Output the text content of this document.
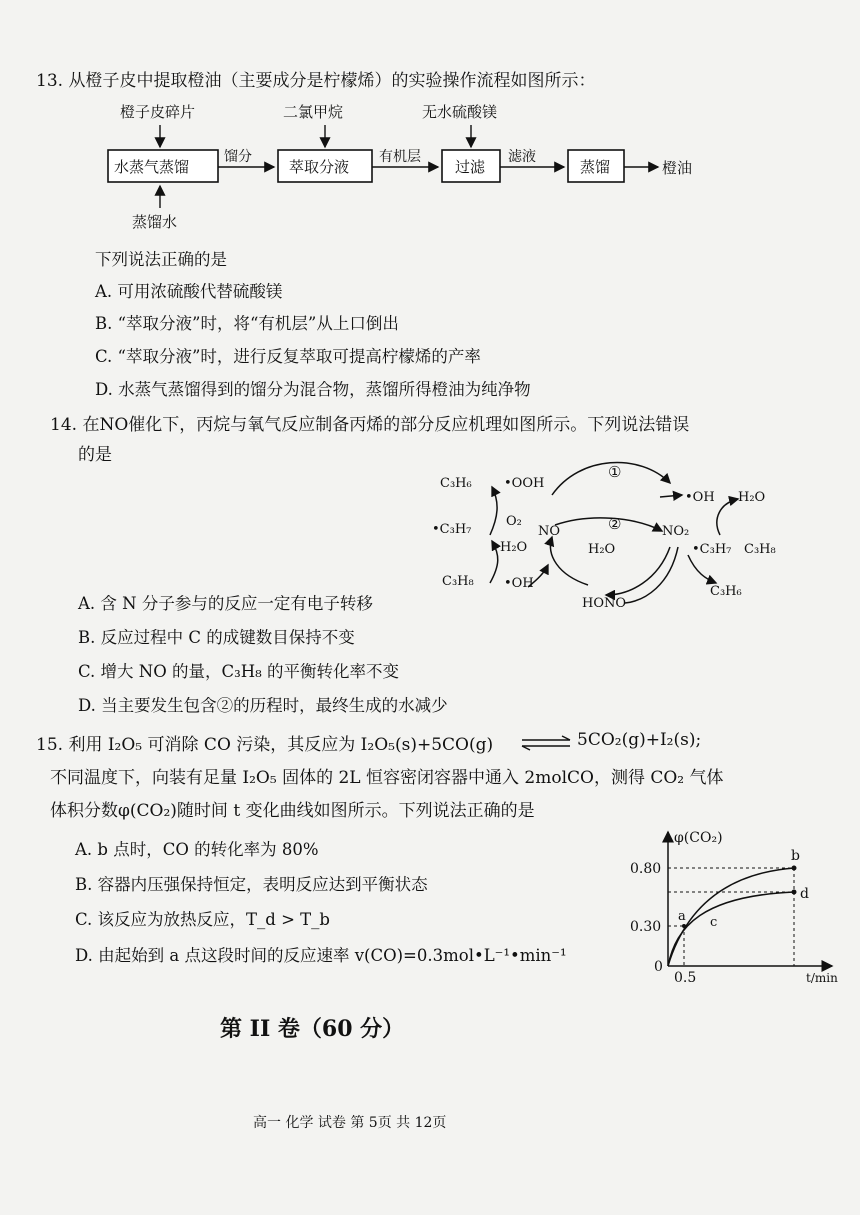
13. 从橙子皮中提取橙油（主要成分是柠檬烯）的实验操作流程如图所示：
橙子皮碎片	二氯甲烷	无水硫酸镁
水蒸气蒸馏
馏分
萃取分液
有机层
过滤
滤液
蒸馏	橙油
蒸馏水
下列说法正确的是
A. 可用浓硫酸代替硫酸镁
B. “萃取分液”时，将“有机层”从上口倒出
C. “萃取分液”时，进行反复萃取可提高柠檬烯的产率
D. 水蒸气蒸馏得到的馏分为混合物，蒸馏所得橙油为纯净物
14. 在NO催化下，丙烷与氧气反应制备丙烯的部分反应机理如图所示。下列说法错误
的是
C₃H₆ •OOH
①
•OH H₂O
•C₃H₇
O₂
NO	②	NO₂
•C₃H₇ C₃H₈
H₂O	H₂O
C₃H₈ •OH
HONO
C₃H₆
A. 含 N 分子参与的反应一定有电子转移
B. 反应过程中 C 的成键数目保持不变
C. 增大 NO 的量，C₃H₈ 的平衡转化率不变
D. 当主要发生包含②的历程时，最终生成的水减少
15. 利用 I₂O₅ 可消除 CO 污染，其反应为 I₂O₅(s)+5CO(g) ⇌ 5CO₂(g)+I₂(s);
不同温度下，向装有足量 I₂O₅ 固体的 2L 恒容密闭容器中通入 2molCO，测得 CO₂ 气体
体积分数φ(CO₂)随时间 t 变化曲线如图所示。下列说法正确的是
A. b 点时，CO 的转化率为 80%
B. 容器内压强保持恒定，表明反应达到平衡状态
C. 该反应为放热反应，T_d > T_b
D. 由起始到 a 点这段时间的反应速率 v(CO)=0.3mol•L⁻¹•min⁻¹
φ(CO₂)
0.80
0.30
0
0.5	t/min
a
b
c
d
第 II 卷（60 分）
高一 化学 试卷 第 5页 共 12页
